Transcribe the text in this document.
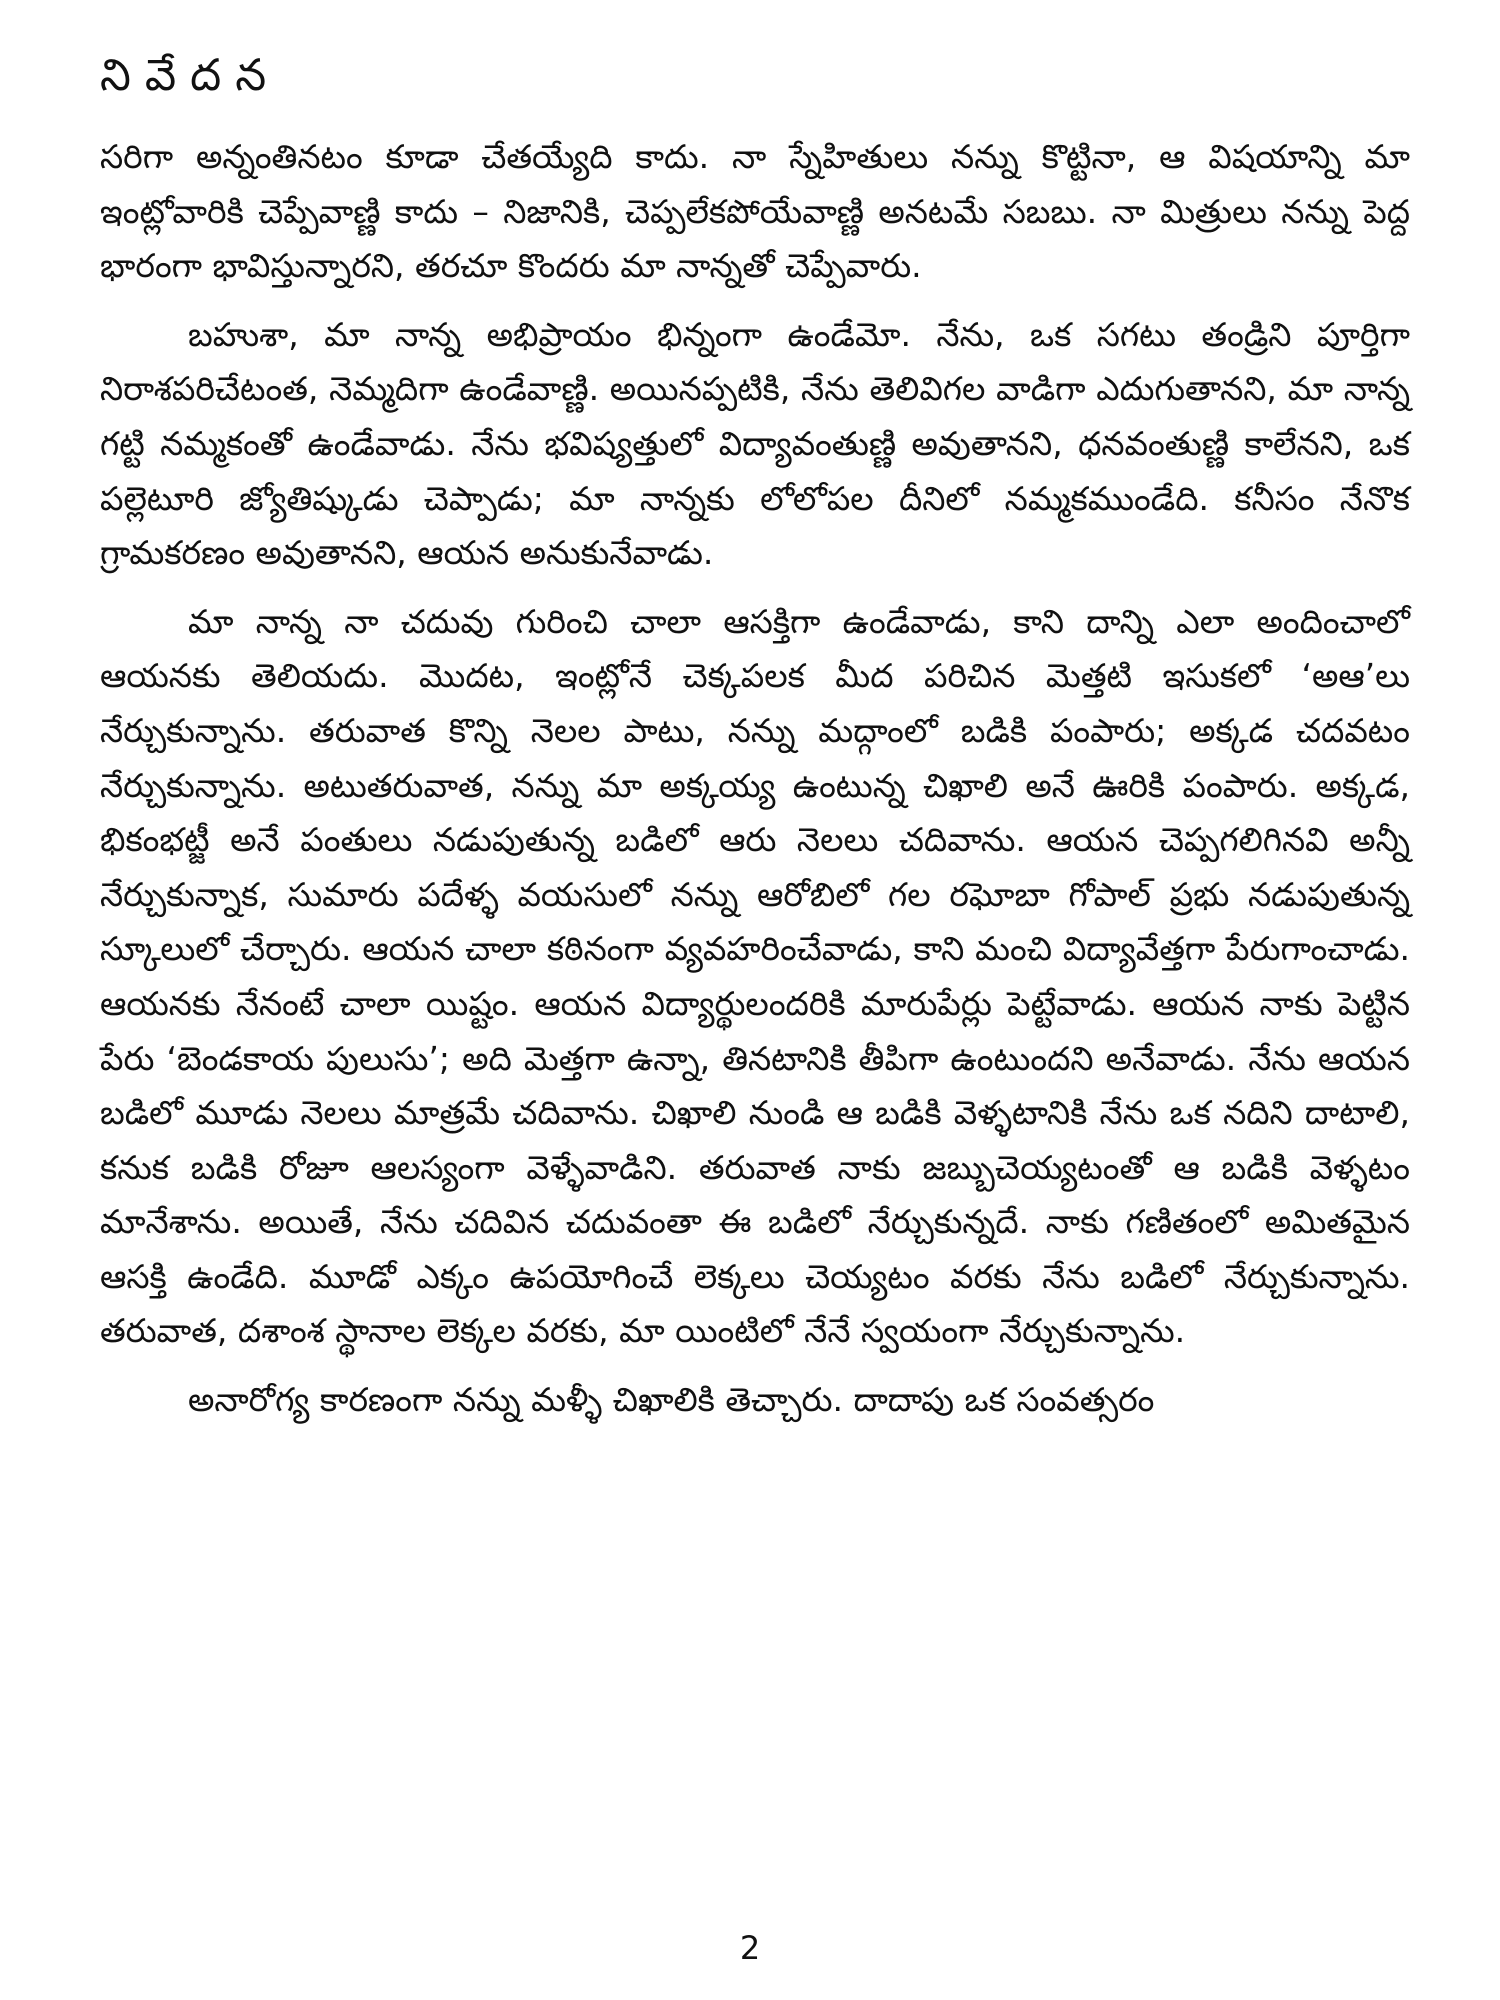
నివేదన

సరిగా అన్నంతినటం కూడా చేతయ్యేది కాదు. నా స్నేహితులు నన్ను కొట్టినా, ఆ విషయాన్ని మా ఇంట్లోవారికి చెప్పేవాణ్ణి కాదు – నిజానికి, చెప్పలేకపోయేవాణ్ణి అనటమే సబబు. నా మిత్రులు నన్ను పెద్ద భారంగా భావిస్తున్నారని, తరచూ కొందరు మా నాన్నతో చెప్పేవారు.

బహుశా, మా నాన్న అభిప్రాయం భిన్నంగా ఉండేమో. నేను, ఒక సగటు తండ్రిని పూర్తిగా నిరాశపరిచేటంత, నెమ్మదిగా ఉండేవాణ్ణి. అయినప్పటికి, నేను తెలివిగల వాడిగా ఎదుగుతానని, మా నాన్న గట్టి నమ్మకంతో ఉండేవాడు. నేను భవిష్యత్తులో విద్యావంతుణ్ణి అవుతానని, ధనవంతుణ్ణి కాలేనని, ఒక పల్లెటూరి జ్యోతిష్కుడు చెప్పాడు; మా నాన్నకు లోలోపల దీనిలో నమ్మకముండేది. కనీసం నేనొక గ్రామకరణం అవుతానని, ఆయన అనుకునేవాడు.

మా నాన్న నా చదువు గురించి చాలా ఆసక్తిగా ఉండేవాడు, కాని దాన్ని ఎలా అందించాలో ఆయనకు తెలియదు. మొదట, ఇంట్లోనే చెక్కపలక మీద పరిచిన మెత్తటి ఇసుకలో ‘అఆ’లు నేర్చుకున్నాను. తరువాత కొన్ని నెలల పాటు, నన్ను మద్గాంలో బడికి పంపారు; అక్కడ చదవటం నేర్చుకున్నాను. అటుతరువాత, నన్ను మా అక్కయ్య ఉంటున్న చిఖాలి అనే ఊరికి పంపారు. అక్కడ, భికంభట్జీ అనే పంతులు నడుపుతున్న బడిలో ఆరు నెలలు చదివాను. ఆయన చెప్పగలిగినవి అన్నీ నేర్చుకున్నాక, సుమారు పదేళ్ళ వయసులో నన్ను ఆరోబిలో గల రఘోబా గోపాల్ ప్రభు నడుపుతున్న స్కూలులో చేర్చారు. ఆయన చాలా కఠినంగా వ్యవహరించేవాడు, కాని మంచి విద్యావేత్తగా పేరుగాంచాడు. ఆయనకు నేనంటే చాలా యిష్టం. ఆయన విద్యార్థులందరికి మారుపేర్లు పెట్టేవాడు. ఆయన నాకు పెట్టిన పేరు ‘బెండకాయ పులుసు’; అది మెత్తగా ఉన్నా, తినటానికి తీపిగా ఉంటుందని అనేవాడు. నేను ఆయన బడిలో మూడు నెలలు మాత్రమే చదివాను. చిఖాలి నుండి ఆ బడికి వెళ్ళటానికి నేను ఒక నదిని దాటాలి, కనుక బడికి రోజూ ఆలస్యంగా వెళ్ళేవాడిని. తరువాత నాకు జబ్బుచెయ్యటంతో ఆ బడికి వెళ్ళటం మానేశాను. అయితే, నేను చదివిన చదువంతా ఈ బడిలో నేర్చుకున్నదే. నాకు గణితంలో అమితమైన ఆసక్తి ఉండేది. మూడో ఎక్కం ఉపయోగించే లెక్కలు చెయ్యటం వరకు నేను బడిలో నేర్చుకున్నాను. తరువాత, దశాంశ స్థానాల లెక్కల వరకు, మా యింటిలో నేనే స్వయంగా నేర్చుకున్నాను.

అనారోగ్య కారణంగా నన్ను మళ్ళీ చిఖాలికి తెచ్చారు. దాదాపు ఒక సంవత్సరం

2
